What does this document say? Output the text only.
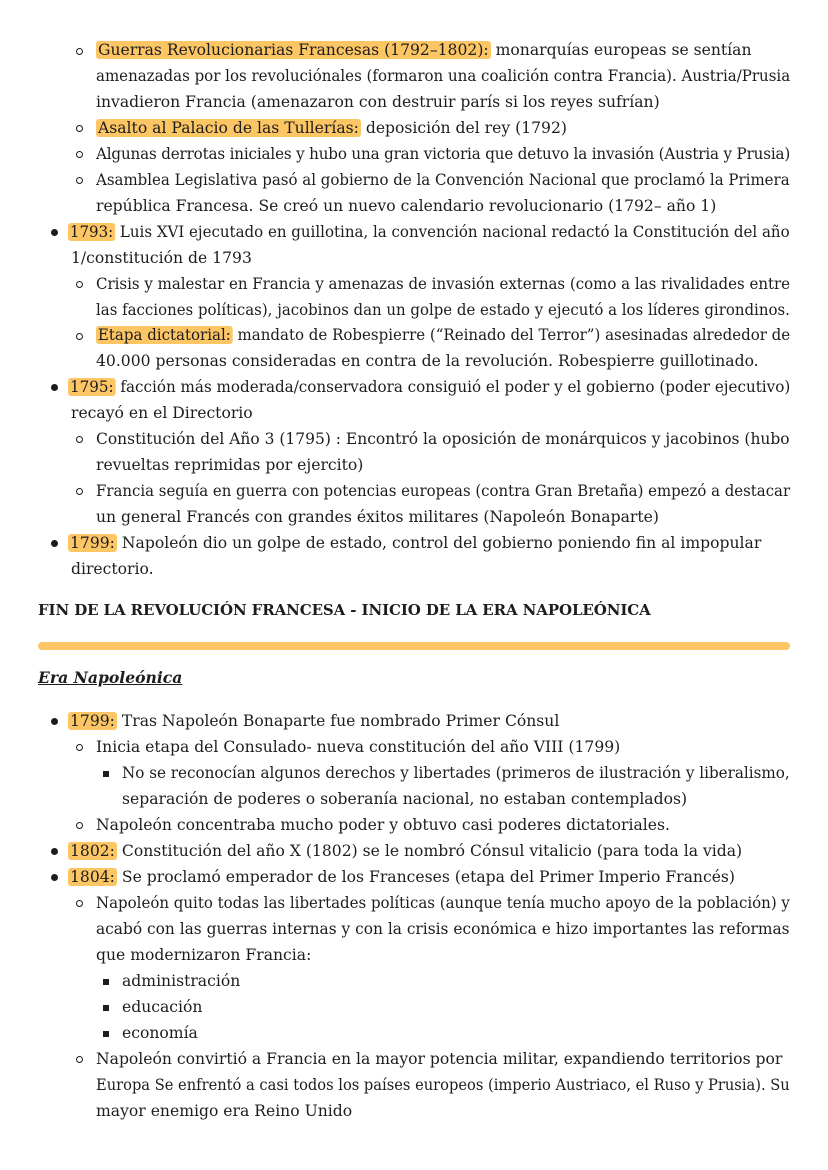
Guerras Revolucionarias Francesas (1792–1802): monarquías europeas se sentían
amenazadas por los revoluciónales (formaron una coalición contra Francia). Austria/Prusia
invadieron Francia (amenazaron con destruir parís si los reyes sufrían)
Asalto al Palacio de las Tullerías: deposición del rey (1792)
Algunas derrotas iniciales y hubo una gran victoria que detuvo la invasión (Austria y Prusia)
Asamblea Legislativa pasó al gobierno de la Convención Nacional que proclamó la Primera
república Francesa. Se creó un nuevo calendario revolucionario (1792– año 1)
1793: Luis XVI ejecutado en guillotina, la convención nacional redactó la Constitución del año
1/constitución de 1793
Crisis y malestar en Francia y amenazas de invasión externas (como a las rivalidades entre
las facciones políticas), jacobinos dan un golpe de estado y ejecutó a los líderes girondinos.
Etapa dictatorial: mandato de Robespierre (“Reinado del Terror”) asesinadas alrededor de
40.000 personas consideradas en contra de la revolución. Robespierre guillotinado.
1795: facción más moderada/conservadora consiguió el poder y el gobierno (poder ejecutivo)
recayó en el Directorio
Constitución del Año 3 (1795) : Encontró la oposición de monárquicos y jacobinos (hubo
revueltas reprimidas por ejercito)
Francia seguía en guerra con potencias europeas (contra Gran Bretaña) empezó a destacar
un general Francés con grandes éxitos militares (Napoleón Bonaparte)
1799: Napoleón dio un golpe de estado, control del gobierno poniendo fin al impopular
directorio.
FIN DE LA REVOLUCIÓN FRANCESA - INICIO DE LA ERA NAPOLEÓNICA
Era Napoleónica
1799: Tras Napoleón Bonaparte fue nombrado Primer Cónsul
Inicia etapa del Consulado- nueva constitución del año VIII (1799)
No se reconocían algunos derechos y libertades (primeros de ilustración y liberalismo,
separación de poderes o soberanía nacional, no estaban contemplados)
Napoleón concentraba mucho poder y obtuvo casi poderes dictatoriales.
1802: Constitución del año X (1802) se le nombró Cónsul vitalicio (para toda la vida)
1804: Se proclamó emperador de los Franceses (etapa del Primer Imperio Francés)
Napoleón quito todas las libertades políticas (aunque tenía mucho apoyo de la población) y
acabó con las guerras internas y con la crisis económica e hizo importantes las reformas
que modernizaron Francia:
administración
educación
economía
Napoleón convirtió a Francia en la mayor potencia militar, expandiendo territorios por
Europa Se enfrentó a casi todos los países europeos (imperio Austriaco, el Ruso y Prusia). Su
mayor enemigo era Reino Unido
